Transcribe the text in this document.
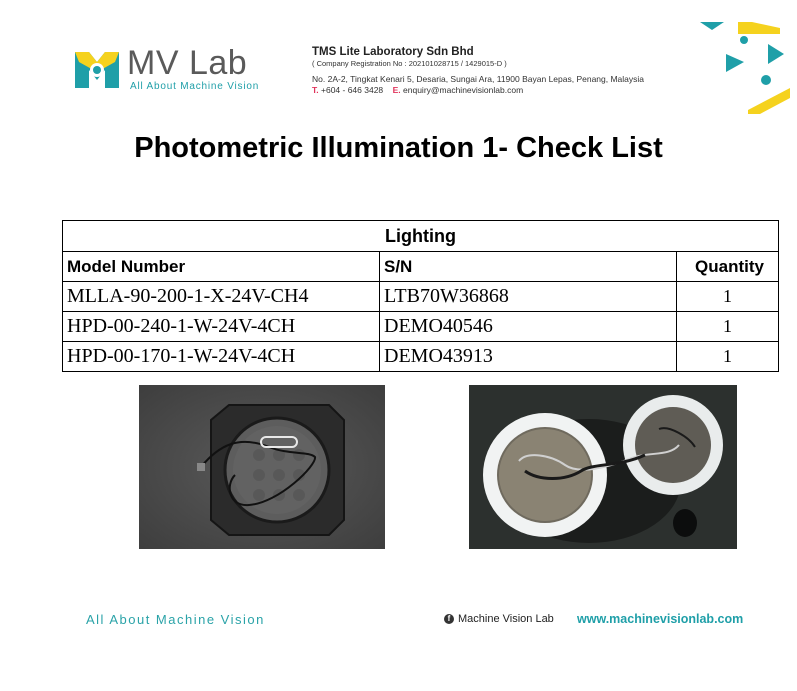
MV Lab
All About Machine Vision
TMS Lite Laboratory Sdn Bhd
( Company Registration No : 202101028715 / 1429015-D )
No. 2A-2, Tingkat Kenari 5, Desaria, Sungai Ara, 11900 Bayan Lepas, Penang, Malaysia
T. +604 - 646 3428 E. enquiry@machinevisionlab.com
Photometric Illumination 1- Check List
Lighting		
Model Number	S/N	Quantity
MLLA-90-200-1-X-24V-CH4	LTB70W36868	1
HPD-00-240-1-W-24V-4CH	DEMO40546	1
HPD-00-170-1-W-24V-4CH	DEMO43913	1
All About Machine Vision	f Machine Vision Lab www.machinevisionlab.com
